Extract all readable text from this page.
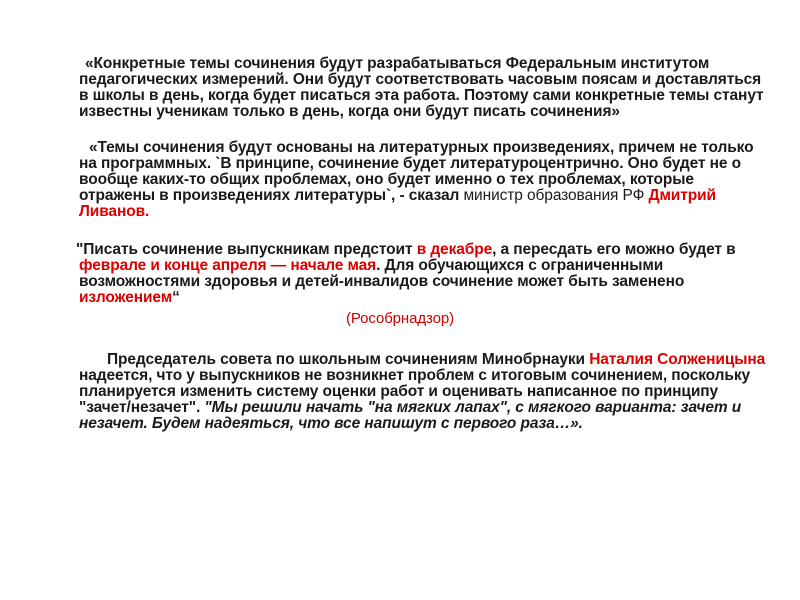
«Конкретные темы сочинения будут разрабатываться Федеральным институтом педагогических измерений. Они будут соответствовать часовым поясам и доставляться в школы в день, когда будет писаться эта работа. Поэтому сами конкретные темы станут известны ученикам только в день, когда они будут писать сочинения»
«Темы сочинения будут основаны на литературных произведениях, причем не только на программных. `В принципе, сочинение будет литературоцентрично. Оно будет не о вообще каких-то общих проблемах, оно будет именно о тех проблемах, которые отражены в произведениях литературы`, - сказал министр образования РФ Дмитрий Ливанов.
"Писать сочинение выпускникам предстоит в декабре, а пересдать его можно будет в феврале и конце апреля — начале мая. Для обучающихся с ограниченными возможностями здоровья и детей-инвалидов сочинение может быть заменено изложением“
(Рособрнадзор)
Председатель совета по школьным сочинениям Минобрнауки Наталия Солженицына надеется, что у выпускников не возникнет проблем с итоговым сочинением, поскольку планируется изменить систему оценки работ и оценивать написанное по принципу "зачет/незачет". "Мы решили начать "на мягких лапах", с мягкого варианта: зачет и незачет. Будем надеяться, что все напишут с первого раза…».
